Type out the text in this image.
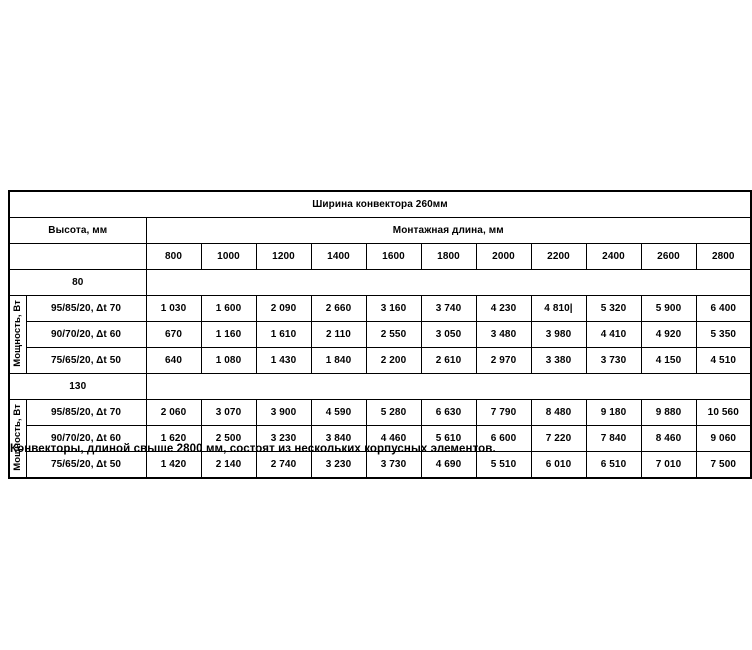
Ширина конвектора 260мм												
Высота, мм		Монтажная длина, мм										
		800	1000	1200	1400	1600	1800	2000	2200	2400	2600	2800
80												
Мощность, Вт	95/85/20, Δt 70	1 030	1 600	2 090	2 660	3 160	3 740	4 230	4 810|	5 320	5 900	6 400
	90/70/20, Δt 60	670	1 160	1 610	2 110	2 550	3 050	3 480	3 980	4 410	4 920	5 350
	75/65/20, Δt 50	640	1 080	1 430	1 840	2 200	2 610	2 970	3 380	3 730	4 150	4 510
130												
Мощность, Вт	95/85/20, Δt 70	2 060	3 070	3 900	4 590	5 280	6 630	7 790	8 480	9 180	9 880	10 560
	90/70/20, Δt 60	1 620	2 500	3 230	3 840	4 460	5 610	6 600	7 220	7 840	8 460	9 060
	75/65/20, Δt 50	1 420	2 140	2 740	3 230	3 730	4 690	5 510	6 010	6 510	7 010	7 500
Конвекторы, длиной свыше 2800 мм, состоят из нескольких корпусных элементов.
